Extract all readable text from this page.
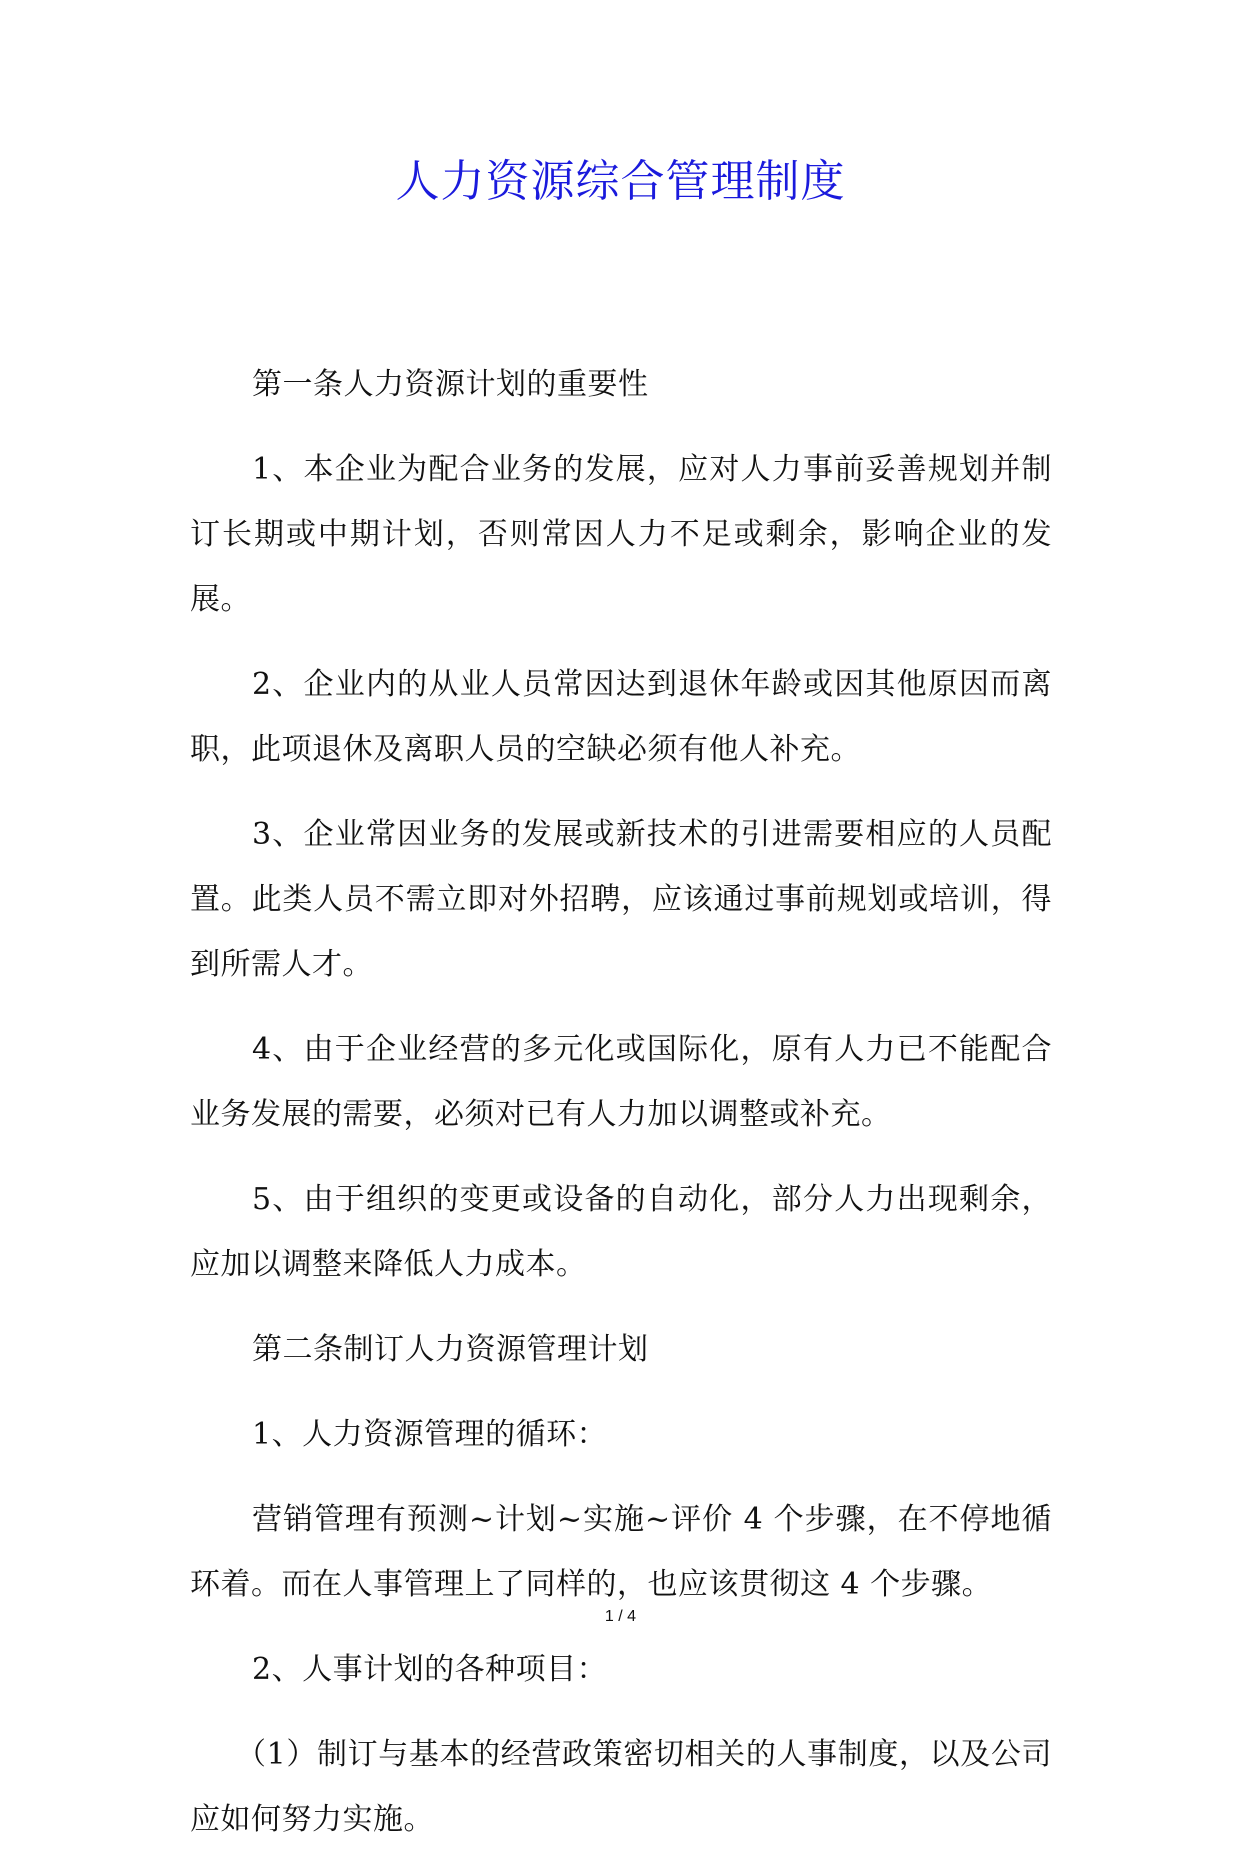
人力资源综合管理制度

第一条人力资源计划的重要性

1、本企业为配合业务的发展，应对人力事前妥善规划并制订长期或中期计划，否则常因人力不足或剩余，影响企业的发展。

2、企业内的从业人员常因达到退休年龄或因其他原因而离职，此项退休及离职人员的空缺必须有他人补充。

3、企业常因业务的发展或新技术的引进需要相应的人员配置。此类人员不需立即对外招聘，应该通过事前规划或培训，得到所需人才。

4、由于企业经营的多元化或国际化，原有人力已不能配合业务发展的需要，必须对已有人力加以调整或补充。

5、由于组织的变更或设备的自动化，部分人力出现剩余，应加以调整来降低人力成本。

第二条制订人力资源管理计划

1、人力资源管理的循环：

营销管理有预测~计划~实施~评价 4 个步骤，在不停地循环着。而在人事管理上了同样的，也应该贯彻这 4 个步骤。

2、人事计划的各种项目：

（1）制订与基本的经营政策密切相关的人事制度，以及公司应如何努力实施。

1 / 4
